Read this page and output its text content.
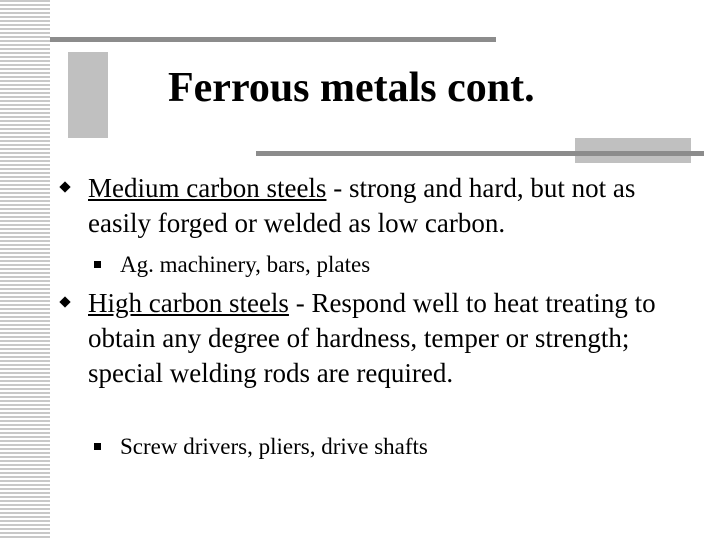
Ferrous metals cont.
Medium carbon steels - strong and hard, but not as easily forged or welded as low carbon.
Ag. machinery, bars, plates
High carbon steels - Respond well to heat treating to obtain any degree of hardness, temper or strength; special welding rods are required.
Screw drivers, pliers, drive shafts
